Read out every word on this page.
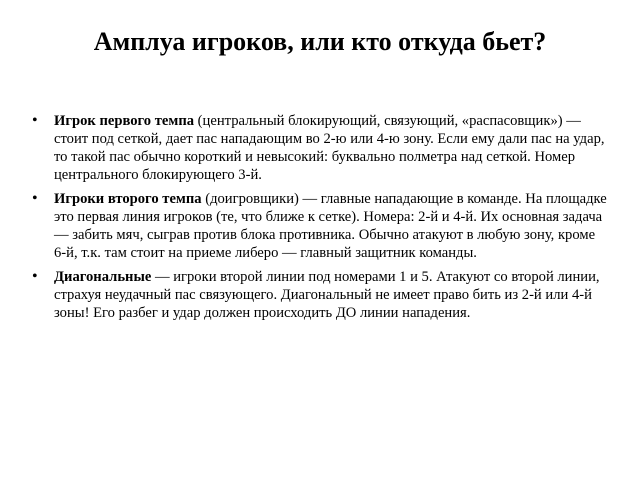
Амплуа игроков, или кто откуда бьет?
• Игрок первого темпа (центральный блокирующий, связующий, «распасовщик») — стоит под сеткой, дает пас нападающим во 2-ю или 4-ю зону. Если ему дали пас на удар, то такой пас обычно короткий и невысокий: буквально полметра над сеткой. Номер центрального блокирующего 3-й.
• Игроки второго темпа (доигровщики) — главные нападающие в команде. На площадке это первая линия игроков (те, что ближе к сетке). Номера: 2-й и 4-й. Их основная задача — забить мяч, сыграв против блока противника. Обычно атакуют в любую зону, кроме 6-й, т.к. там стоит на приеме либеро — главный защитник команды.
• Диагональные — игроки второй линии под номерами 1 и 5. Атакуют со второй линии, страхуя неудачный пас связующего. Диагональный не имеет право бить из 2-й или 4-й зоны! Его разбег и удар должен происходить ДО линии нападения.
